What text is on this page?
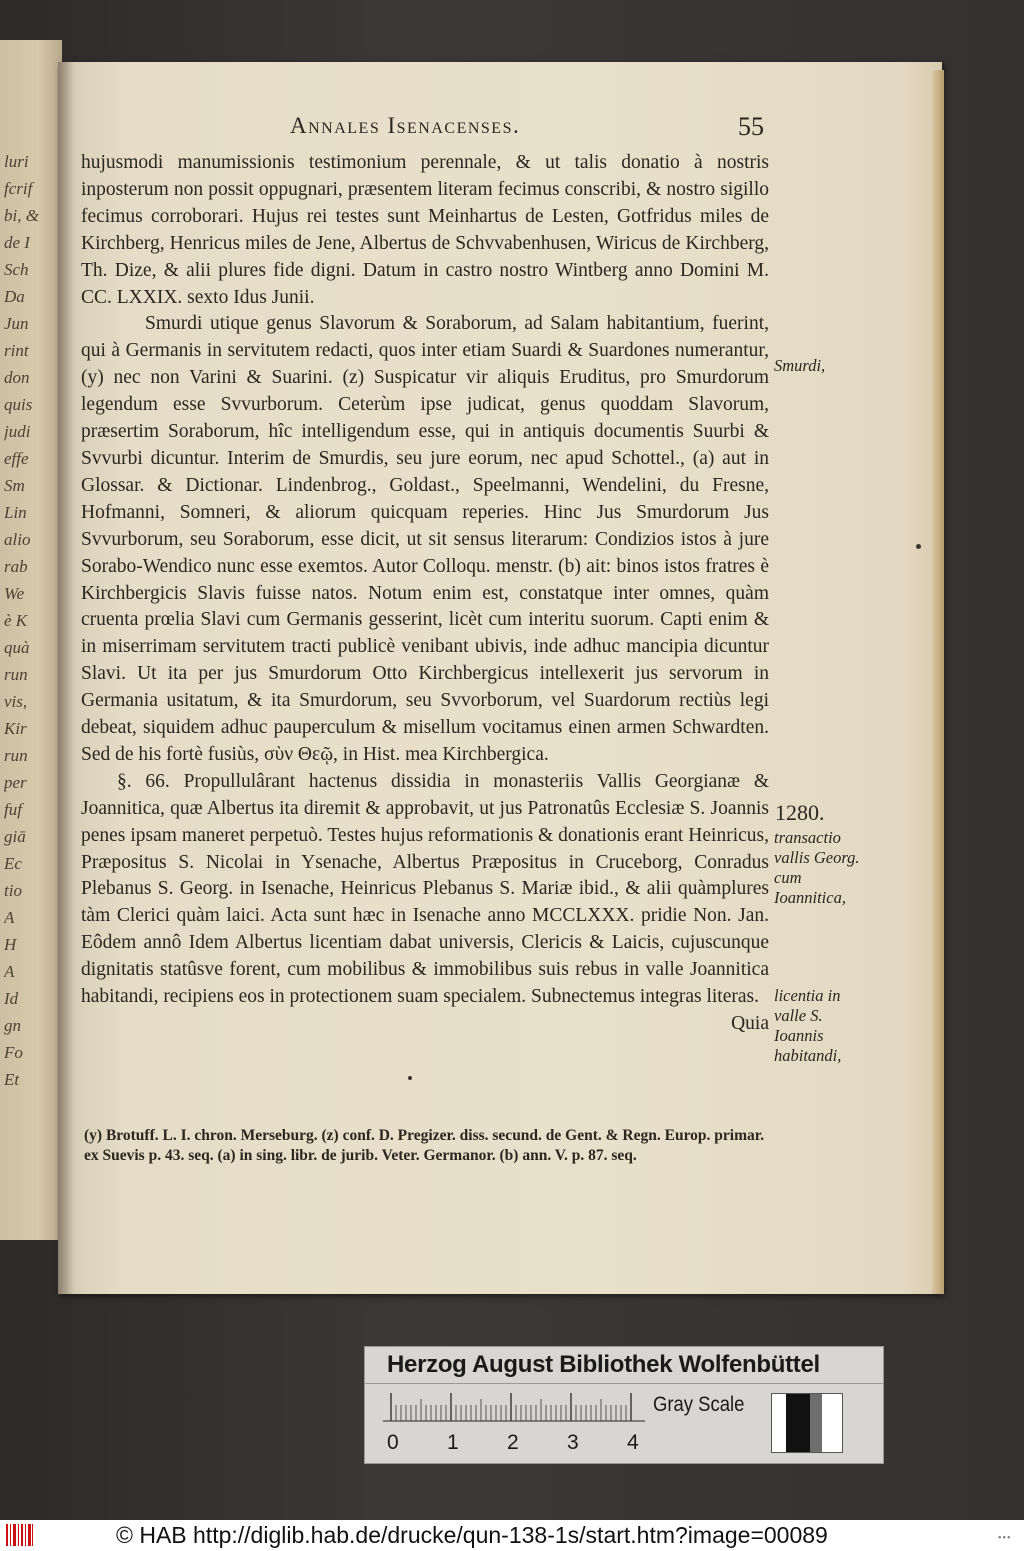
luri
fcrif
bi, &
de I
Sch
Da
Jun
rint
don
quis
judi
effe
Sm
Lin
alio
rab
We
è K
quà
run
vis,
Kir
run
per
fuf
giā
Ec
tio
A
H
A
Id
gn
Fo
Et
Annales Isenacenses.	55

hujusmodi manumissionis testimonium perennale, & ut talis donatio à nostris inposterum non possit oppugnari, præsentem literam fecimus conscribi, & nostro sigillo fecimus corroborari. Hujus rei testes sunt Meinhartus de Lesten, Gotfridus miles de Kirchberg, Henricus miles de Jene, Albertus de Schvvabenhusen, Wiricus de Kirchberg, Th. Dize, & alii plures fide digni. Datum in castro nostro Wintberg anno Domini M. CC. LXXIX. sexto Idus Junii.

Smurdi utique genus Slavorum & Soraborum, ad Salam habitantium, fuerint, qui à Germanis in servitutem redacti, quos inter etiam Suardi & Suardones numerantur, (y) nec non Varini & Suarini. (z) Suspicatur vir aliquis Eruditus, pro Smurdorum legendum esse Svvurborum. Ceterùm ipse judicat, genus quoddam Slavorum, præsertim Soraborum, hîc intelligendum esse, qui in antiquis documentis Suurbi & Svvurbi dicuntur. Interim de Smurdis, seu jure eorum, nec apud Schottel., (a) aut in Glossar. & Dictionar. Lindenbrog., Goldast., Speelmanni, Wendelini, du Fresne, Hofmanni, Somneri, & aliorum quicquam reperies. Hinc Jus Smurdorum Jus Svvurborum, seu Soraborum, esse dicit, ut sit sensus literarum: Condizios istos à jure Sorabo-Wendico nunc esse exemtos. Autor Colloqu. menstr. (b) ait: binos istos fratres è Kirchbergicis Slavis fuisse natos. Notum enim est, constatque inter omnes, quàm cruenta prœlia Slavi cum Germanis gesserint, licèt cum interitu suorum. Capti enim & in miserrimam servitutem tracti publicè venibant ubivis, inde adhuc mancipia dicuntur Slavi. Ut ita per jus Smurdorum Otto Kirchbergicus intellexerit jus servorum in Germania usitatum, & ita Smurdorum, seu Svvorborum, vel Suardorum rectiùs legi debeat, siquidem adhuc pauperculum & misellum vocitamus einen armen Schwardten. Sed de his fortè fusiùs, σὺν Θεῷ, in Hist. mea Kirchbergica.

§. 66. Propullulârant hactenus dissidia in monasteriis Vallis Georgianæ & Joannitica, quæ Albertus ita diremit & approbavit, ut jus Patronatûs Ecclesiæ S. Joannis penes ipsam maneret perpetuò. Testes hujus reformationis & donationis erant Heinricus, Præpositus S. Nicolai in Ysenache, Albertus Præpositus in Cruceborg, Conradus Plebanus S. Georg. in Isenache, Heinricus Plebanus S. Mariæ ibid., & alii quàmplures tàm Clerici quàm laici. Acta sunt hæc in Isenache anno MCCLXXX. pridie Non. Jan. Eôdem annô Idem Albertus licentiam dabat universis, Clericis & Laicis, cujuscunque dignitatis statûsve forent, cum mobilibus & immobilibus suis rebus in valle Joannitica habitandi, recipiens eos in protectionem suam specialem. Subnectemus integras literas.

Quia

Smurdi,
1280.
transactio vallis Georg. cum Ioannitica,
licentia in valle S. Ioannis habitandi,
(y) Brotuff. L. I. chron. Merseburg. (z) conf. D. Pregizer. diss. secund. de Gent. & Regn. Europ. primar. ex Suevis p. 43. seq. (a) in sing. libr. de jurib. Veter. Germanor. (b) ann. V. p. 87. seq.
Herzog August Bibliothek Wolfenbüttel
0 1 2 3 4
Gray Scale
© HAB http://diglib.hab.de/drucke/qun-138-1s/start.htm?image=00089	•••
